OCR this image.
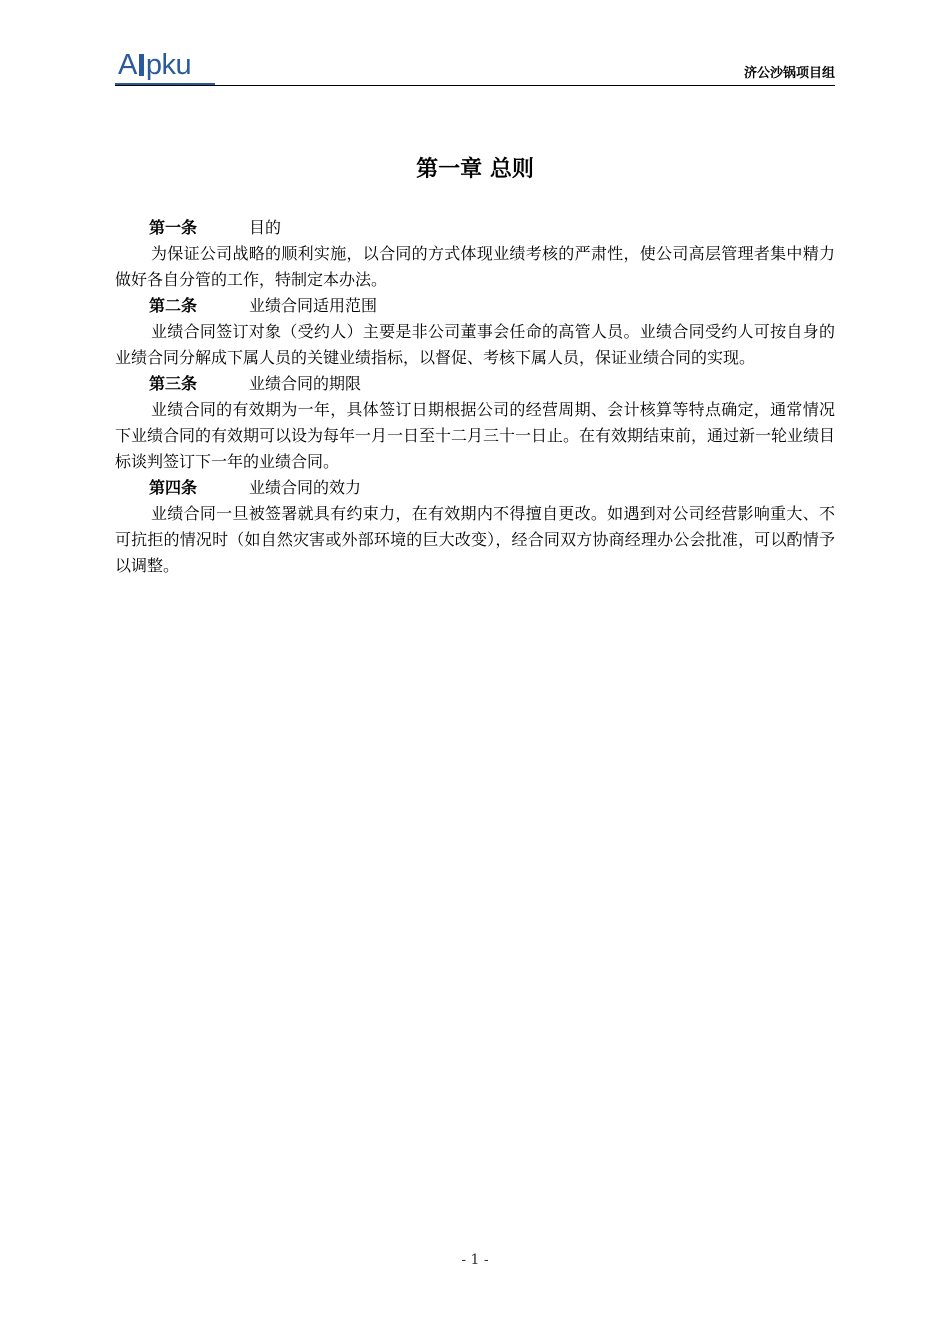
A pku	济公沙锅项目组
第一章 总则
第一条	目的

为保证公司战略的顺利实施，以合同的方式体现业绩考核的严肃性，使公司高层管理者集中精力做好各自分管的工作，特制定本办法。

第二条	业绩合同适用范围

业绩合同签订对象（受约人）主要是非公司董事会任命的高管人员。业绩合同受约人可按自身的业绩合同分解成下属人员的关键业绩指标，以督促、考核下属人员，保证业绩合同的实现。

第三条	业绩合同的期限

业绩合同的有效期为一年，具体签订日期根据公司的经营周期、会计核算等特点确定，通常情况下业绩合同的有效期可以设为每年一月一日至十二月三十一日止。在有效期结束前，通过新一轮业绩目标谈判签订下一年的业绩合同。

第四条	业绩合同的效力

业绩合同一旦被签署就具有约束力，在有效期内不得擅自更改。如遇到对公司经营影响重大、不可抗拒的情况时（如自然灾害或外部环境的巨大改变），经合同双方协商经理办公会批准，可以酌情予以调整。

- 1 -
